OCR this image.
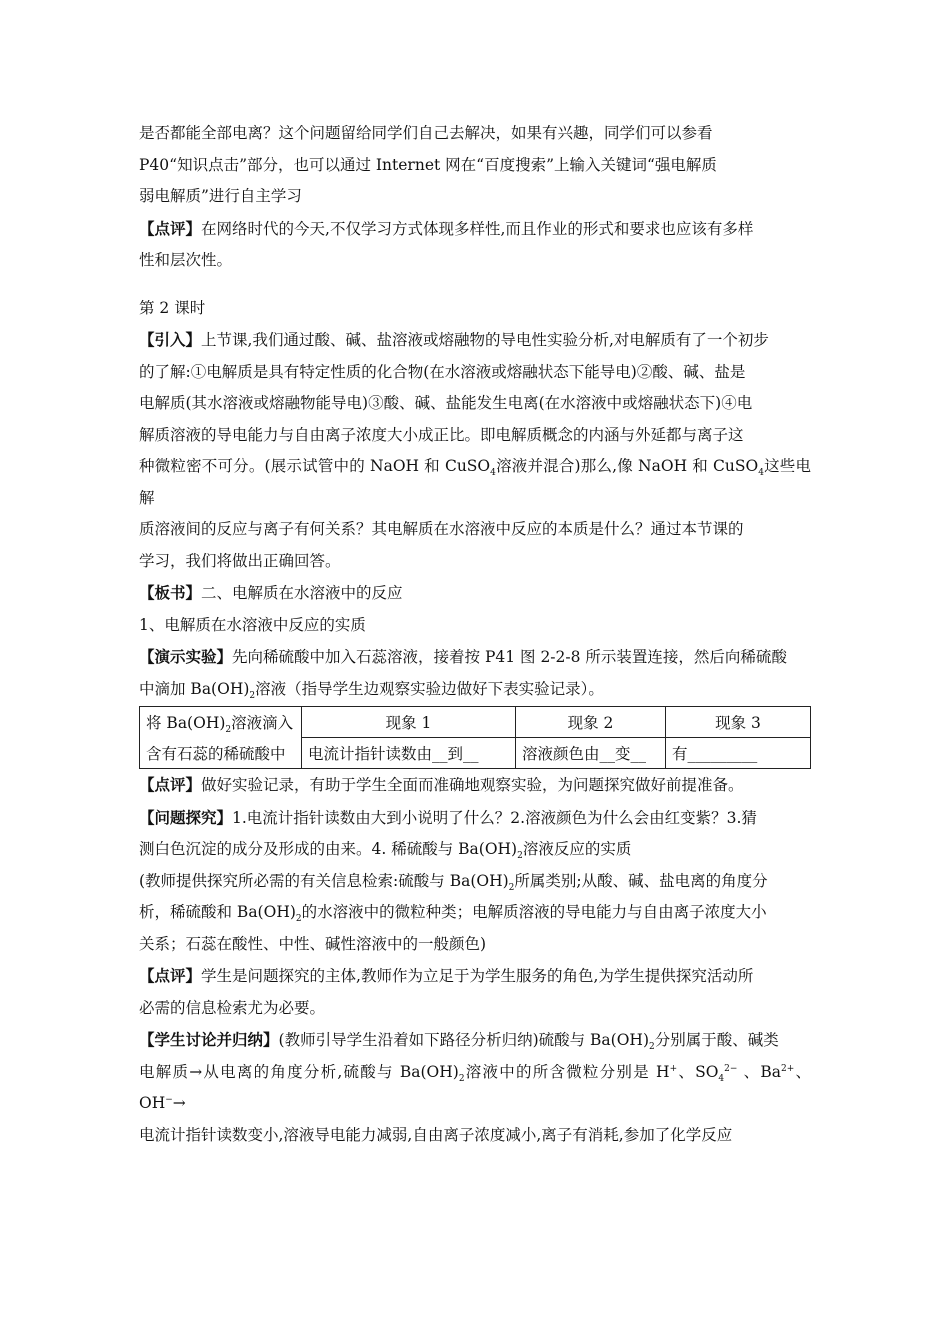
是否都能全部电离？这个问题留给同学们自己去解决，如果有兴趣，同学们可以参看

P40“知识点击”部分，也可以通过 Internet 网在“百度搜索”上输入关键词“强电解质

弱电解质”进行自主学习

【点评】在网络时代的今天,不仅学习方式体现多样性,而且作业的形式和要求也应该有多样

性和层次性。

第 2 课时

【引入】上节课,我们通过酸、碱、盐溶液或熔融物的导电性实验分析,对电解质有了一个初步

的了解:①电解质是具有特定性质的化合物(在水溶液或熔融状态下能导电)②酸、碱、盐是

电解质(其水溶液或熔融物能导电)③酸、碱、盐能发生电离(在水溶液中或熔融状态下)④电

解质溶液的导电能力与自由离子浓度大小成正比。即电解质概念的内涵与外延都与离子这

种微粒密不可分。(展示试管中的 NaOH 和 CuSO$_4$溶液并混合)那么,像 NaOH 和 CuSO$_4$这些电解

质溶液间的反应与离子有何关系？其电解质在水溶液中反应的本质是什么？通过本节课的

学习，我们将做出正确回答。

【板书】二、电解质在水溶液中的反应

1、电解质在水溶液中反应的实质

【演示实验】先向稀硫酸中加入石蕊溶液，接着按 P41 图 2-2-8 所示装置连接，然后向稀硫酸

中滴加 $Ba(OH)_2$溶液（指导学生边观察实验边做好下表实验记录）。

将 $Ba(OH)_2$溶液滴入	现象 1	现象 2	现象 3
含有石蕊的稀硫酸中	电流计指针读数由__到__	溶液颜色由__变__	有_________

【点评】做好实验记录，有助于学生全面而准确地观察实验，为问题探究做好前提准备。

【问题探究】1.电流计指针读数由大到小说明了什么？2.溶液颜色为什么会由红变紫？3.猜

测白色沉淀的成分及形成的由来。4. 稀硫酸与 $Ba(OH)_2$溶液反应的实质

(教师提供探究所必需的有关信息检索:硫酸与 $Ba(OH)_2$所属类别;从酸、碱、盐电离的角度分

析，稀硫酸和 $Ba(OH)_2$的水溶液中的微粒种类；电解质溶液的导电能力与自由离子浓度大小

关系；石蕊在酸性、中性、碱性溶液中的一般颜色)

【点评】学生是问题探究的主体,教师作为立足于为学生服务的角色,为学生提供探究活动所

必需的信息检索尤为必要。

【学生讨论并归纳】(教师引导学生沿着如下路径分析归纳)硫酸与 $Ba(OH)_2$分别属于酸、碱类

电解质→从电离的角度分析,硫酸与 $Ba(OH)_2$溶液中的所含微粒分别是 H+、$SO_4^{2-}$ 、$Ba^{2+}$、OH−→

电流计指针读数变小,溶液导电能力减弱,自由离子浓度减小,离子有消耗,参加了化学反应
